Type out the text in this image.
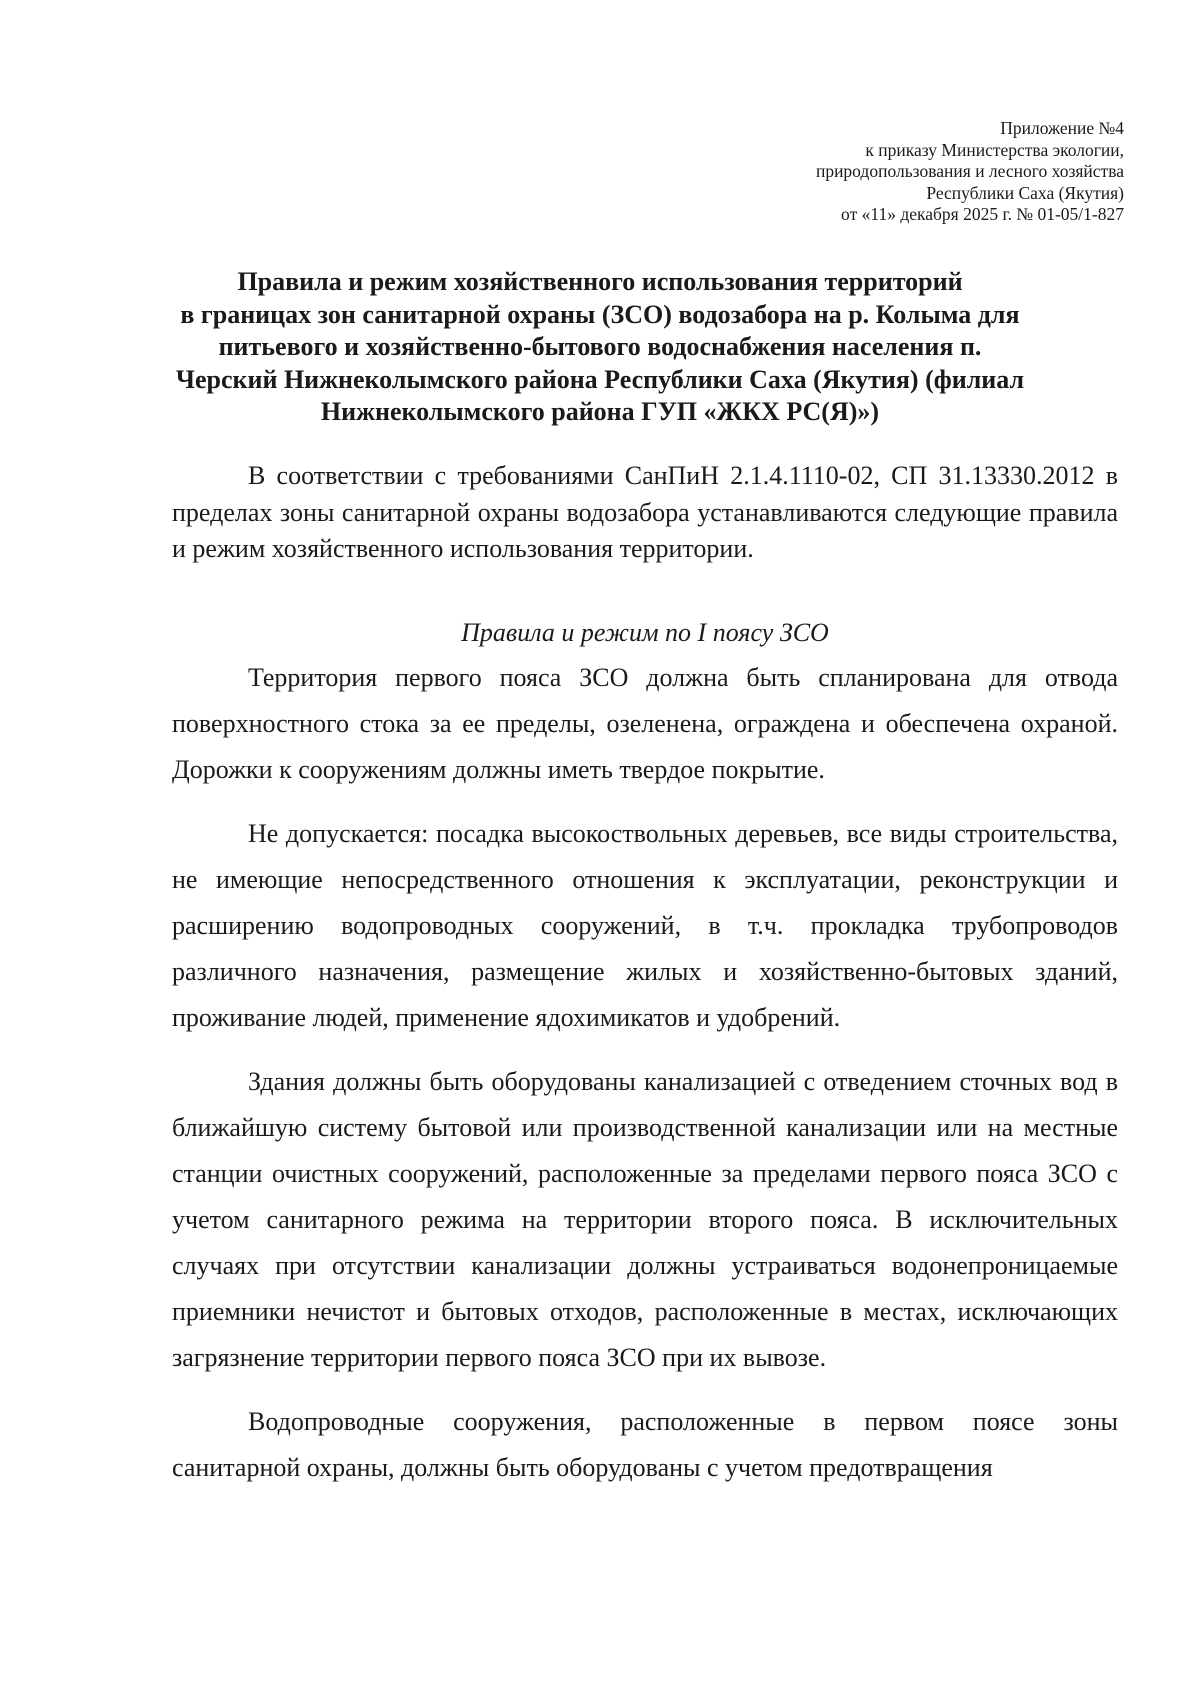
Приложение №4
к приказу Министерства экологии,
природопользования и лесного хозяйства
Республики Саха (Якутия)
от «11» декабря 2025 г. № 01-05/1-827
Правила и режим хозяйственного использования территорий
в границах зон санитарной охраны (ЗСО) водозабора на р. Колыма для
питьевого и хозяйственно-бытового водоснабжения населения п.
Черский Нижнеколымского района Республики Саха (Якутия) (филиал
Нижнеколымского района ГУП «ЖКХ РС(Я)»)

В соответствии с требованиями СанПиН 2.1.4.1110-02, СП 31.13330.2012 в пределах зоны санитарной охраны водозабора устанавливаются следующие правила и режим хозяйственного использования территории.

Правила и режим по I поясу ЗСО

Территория первого пояса ЗСО должна быть спланирована для отвода поверхностного стока за ее пределы, озеленена, ограждена и обеспечена охраной. Дорожки к сооружениям должны иметь твердое покрытие.

Не допускается: посадка высокоствольных деревьев, все виды строительства, не имеющие непосредственного отношения к эксплуатации, реконструкции и расширению водопроводных сооружений, в т.ч. прокладка трубопроводов различного назначения, размещение жилых и хозяйственно-бытовых зданий, проживание людей, применение ядохимикатов и удобрений.

Здания должны быть оборудованы канализацией с отведением сточных вод в ближайшую систему бытовой или производственной канализации или на местные станции очистных сооружений, расположенные за пределами первого пояса ЗСО с учетом санитарного режима на территории второго пояса. В исключительных случаях при отсутствии канализации должны устраиваться водонепроницаемые приемники нечистот и бытовых отходов, расположенные в местах, исключающих загрязнение территории первого пояса ЗСО при их вывозе.

Водопроводные сооружения, расположенные в первом поясе зоны санитарной охраны, должны быть оборудованы с учетом предотвращения
